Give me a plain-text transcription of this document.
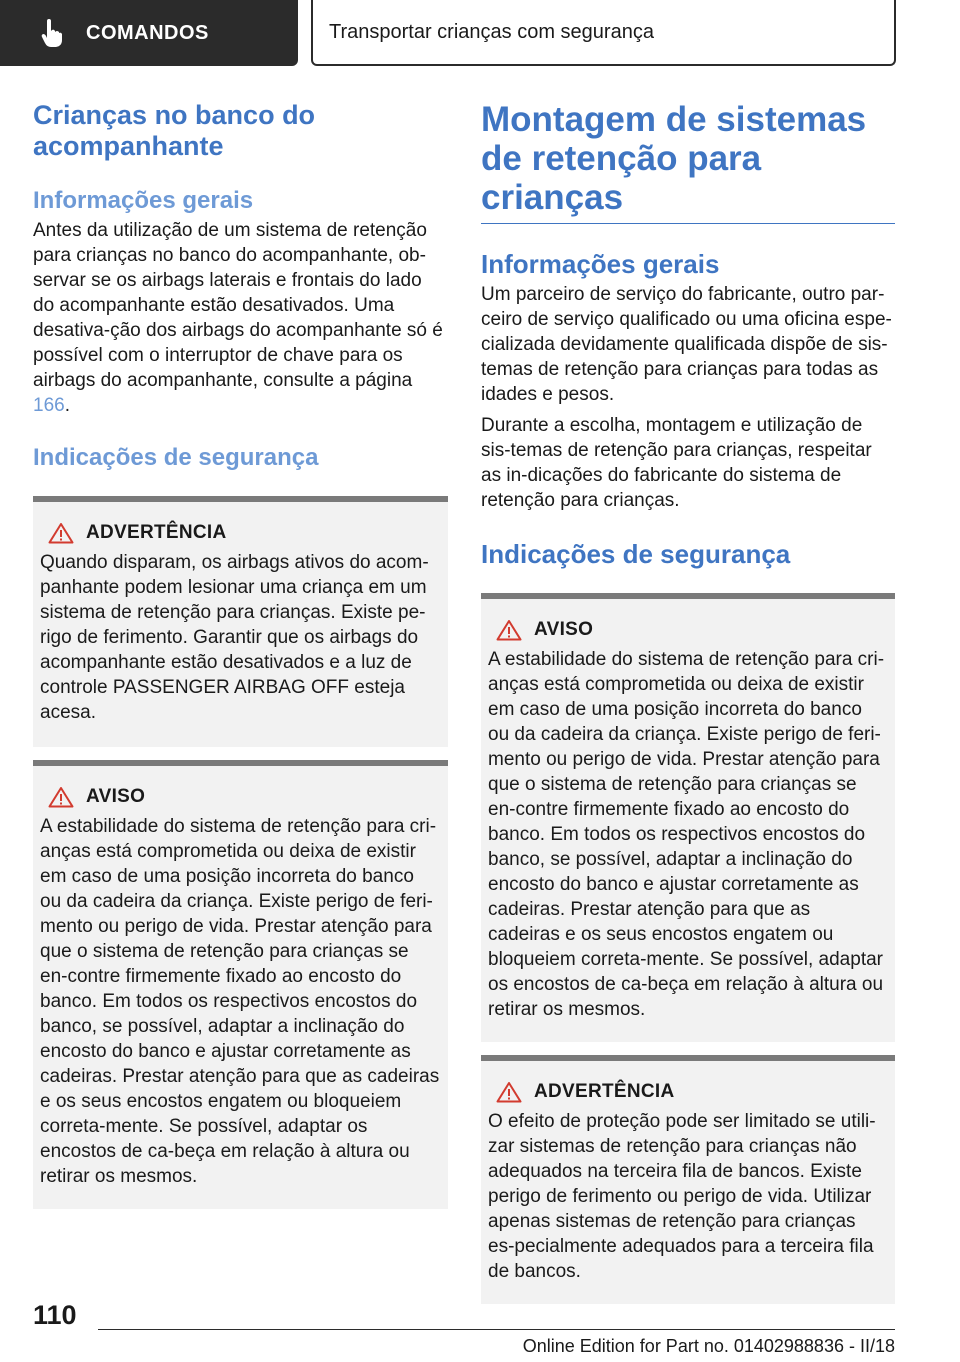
COMANDOS	Transportar crianças com segurança
Crianças no banco do acompanhante
Informações gerais

Antes da utilização de um sistema de retenção para crianças no banco do acompanhante, ob-servar se os airbags laterais e frontais do lado do acompanhante estão desativados. Uma desativa-ção dos airbags do acompanhante só é possível com o interruptor de chave para os airbags do acompanhante, consulte a página 166.

Indicações de segurança
ADVERTÊNCIA

Quando disparam, os airbags ativos do acom-panhante podem lesionar uma criança em um sistema de retenção para crianças. Existe pe-rigo de ferimento. Garantir que os airbags do acompanhante estão desativados e a luz de controle PASSENGER AIRBAG OFF esteja acesa.

AVISO

A estabilidade do sistema de retenção para cri-anças está comprometida ou deixa de existir em caso de uma posição incorreta do banco ou da cadeira da criança. Existe perigo de feri-mento ou perigo de vida. Prestar atenção para que o sistema de retenção para crianças se en-contre firmemente fixado ao encosto do banco. Em todos os respectivos encostos do banco, se possível, adaptar a inclinação do encosto do banco e ajustar corretamente as cadeiras. Prestar atenção para que as cadeiras e os seus encostos engatem ou bloqueiem correta-mente. Se possível, adaptar os encostos de ca-beça em relação à altura ou retirar os mesmos.

Montagem de sistemas de retenção para crianças
Informações gerais

Um parceiro de serviço do fabricante, outro par-ceiro de serviço qualificado ou uma oficina espe-cializada devidamente qualificada dispõe de sis-temas de retenção para crianças para todas as idades e pesos.

Durante a escolha, montagem e utilização de sis-temas de retenção para crianças, respeitar as in-dicações do fabricante do sistema de retenção para crianças.

Indicações de segurança
AVISO

A estabilidade do sistema de retenção para cri-anças está comprometida ou deixa de existir em caso de uma posição incorreta do banco ou da cadeira da criança. Existe perigo de feri-mento ou perigo de vida. Prestar atenção para que o sistema de retenção para crianças se en-contre firmemente fixado ao encosto do banco. Em todos os respectivos encostos do banco, se possível, adaptar a inclinação do encosto do banco e ajustar corretamente as cadeiras. Prestar atenção para que as cadeiras e os seus encostos engatem ou bloqueiem correta-mente. Se possível, adaptar os encostos de ca-beça em relação à altura ou retirar os mesmos.

ADVERTÊNCIA

O efeito de proteção pode ser limitado se utili-zar sistemas de retenção para crianças não adequados na terceira fila de bancos. Existe perigo de ferimento ou perigo de vida. Utilizar apenas sistemas de retenção para crianças es-pecialmente adequados para a terceira fila de bancos.

110
Online Edition for Part no. 01402988836 - II/18
